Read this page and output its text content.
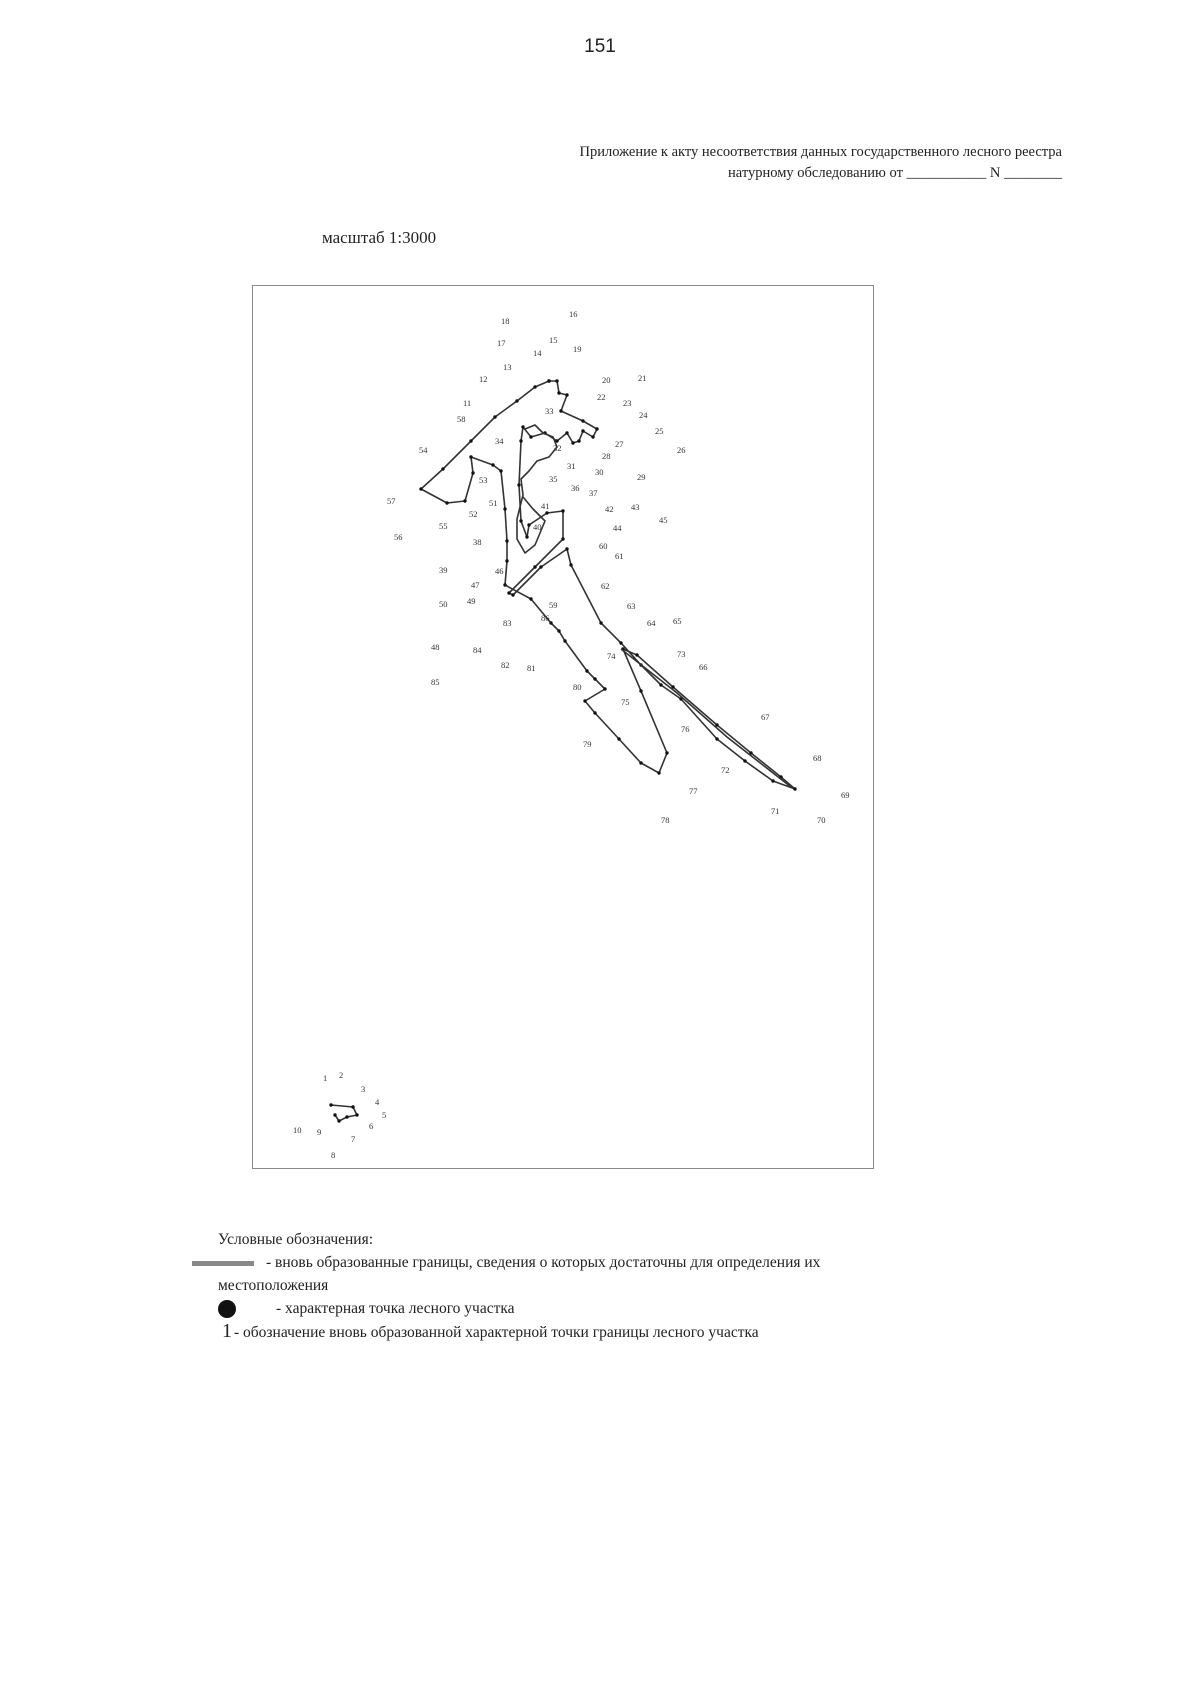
151
Приложение к акту несоответствия данных государственного лесного реестра
натурному обследованию от ___________ N ________
масштаб 1:3000
1 2
3
4
5
6
7
8
9
10
11
12
13
14
15
16
17
18
19
20	21
22
23
24
25
26
27
28
29
30
31
32
33
34
35
36 37
38
39
40
41	42 43
44
45
46
47
48
49
50
51
52
53
54
55
56
57
58
59
60
61
62
63
64 65
66
67
68
69
70
71
72
73
74
75
76
77
78
79
80
81
82
83
84
85
86
Условные обозначения:
- вновь образованные границы, сведения о которых достаточны для определения их
местоположения
- характерная точка лесного участка
1 - обозначение вновь образованной характерной точки границы лесного участка
